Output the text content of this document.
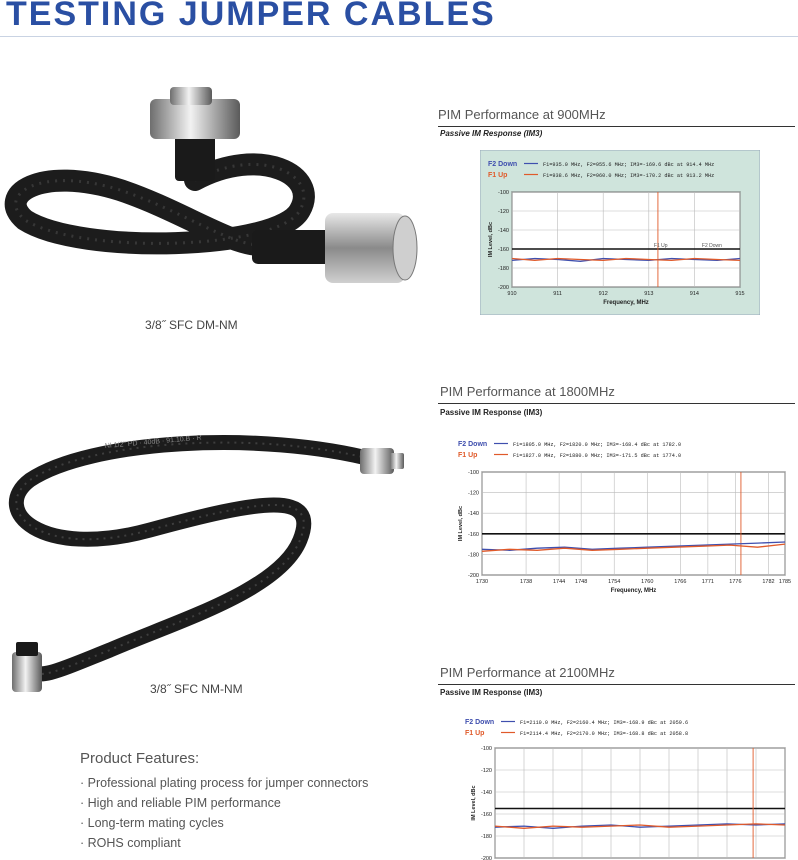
TESTING JUMPER CABLES
3/8˝ SFC DM-NM
NI 1/2" PD · 40dB · 91.10.B · R
3/8˝ SFC NM-NM
PIM Performance at 900MHz
Passive IM Response (IM3)
F2 Down	F1=935.0 MHz, F2=955.6 MHz; IM3=-169.6 dBc at 914.4 MHz
F1 Up	F1=938.6 MHz, F2=960.0 MHz; IM3=-170.2 dBc at 913.2 MHz
-100
-120
-140
-160
-180
-200
910	911	912	913	914	915
IM Level, dBc
Frequency, MHz
F1 Up	F2 Down
PIM Performance at 1800MHz
Passive IM Response (IM3)
F2 Down	F1=1805.0 MHz, F2=1820.0 MHz; IM3=-168.4 dBc at 1782.0
F1 Up	F1=1827.0 MHz, F2=1880.0 MHz; IM3=-171.5 dBc at 1774.0
-100
-120
-140
-160
-180
-200
1730	1738	1744 1748	1754	1760	1766	1771	1776	1782 1785
IM Level, dBc
Frequency, MHz
PIM Performance at 2100MHz
Passive IM Response (IM3)
F2 Down	F1=2110.0 MHz, F2=2160.4 MHz; IM3=-168.9 dBc at 2059.6
F1 Up	F1=2114.4 MHz, F2=2170.0 MHz; IM3=-168.8 dBc at 2058.8
-100
-120
-140
-160
-180
-200
IM Level, dBc
Product Features:
· Professional plating process for jumper connectors
· High and reliable PIM performance
· Long-term mating cycles
· ROHS compliant
